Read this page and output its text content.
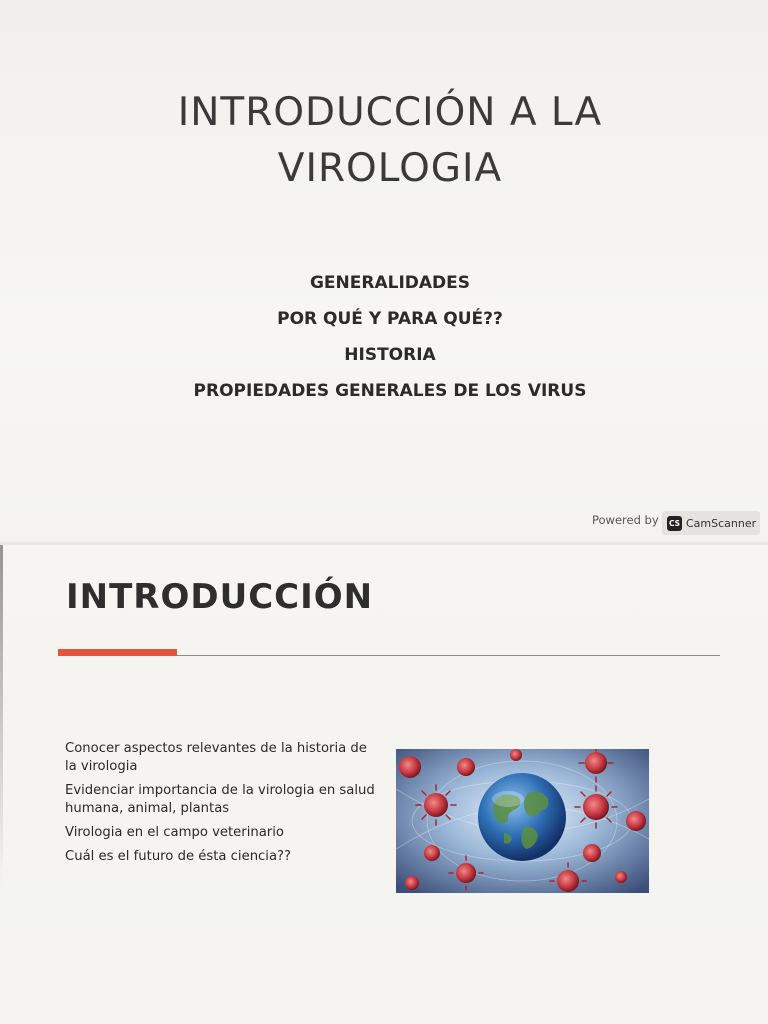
INTRODUCCIÓN A LA
VIROLOGIA
GENERALIDADES
POR QUÉ Y PARA QUÉ??
HISTORIA
PROPIEDADES GENERALES DE LOS VIRUS
Powered by CS CamScanner
INTRODUCCIÓN
Conocer aspectos relevantes de la historia de la virologia
Evidenciar importancia de la virologia en salud humana, animal, plantas
Virologia en el campo veterinario
Cuál es el futuro de ésta ciencia??
